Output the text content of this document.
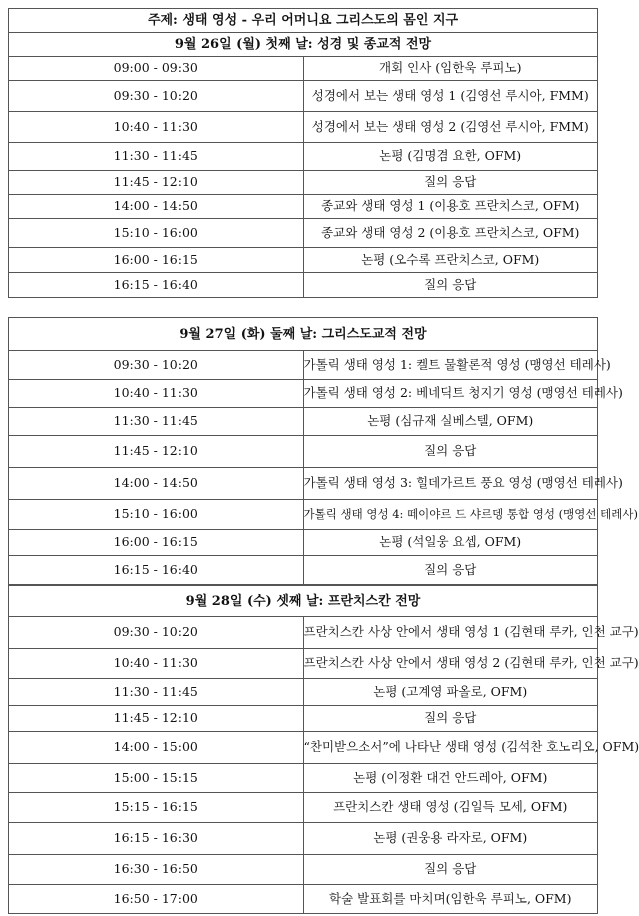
주제: 생태 영성 - 우리 어머니요 그리스도의 몸인 지구	
9월 26일 (월) 첫째 날: 성경 및 종교적 전망	
09:00 - 09:30	개회 인사 (임한욱 루피노)
09:30 - 10:20	성경에서 보는 생태 영성 1 (김영선 루시아, FMM)
10:40 - 11:30	성경에서 보는 생태 영성 2 (김영선 루시아, FMM)
11:30 - 11:45	논평 (김명겸 요한, OFM)
11:45 - 12:10	질의 응답
14:00 - 14:50	종교와 생태 영성 1 (이용호 프란치스코, OFM)
15:10 - 16:00	종교와 생태 영성 2 (이용호 프란치스코, OFM)
16:00 - 16:15	논평 (오수록 프란치스코, OFM)
16:15 - 16:40	질의 응답
9월 27일 (화) 둘째 날: 그리스도교적 전망	
09:30 - 10:20	가톨릭 생태 영성 1: 켈트 물활론적 영성 (맹영선 테레사)
10:40 - 11:30	가톨릭 생태 영성 2: 베네딕트 청지기 영성 (맹영선 테레사)
11:30 - 11:45	논평 (심규재 실베스텔, OFM)
11:45 - 12:10	질의 응답
14:00 - 14:50	가톨릭 생태 영성 3: 힐데가르트 풍요 영성 (맹영선 테레사)
15:10 - 16:00	가톨릭 생태 영성 4: 떼이야르 드 샤르뎅 통합 영성 (맹영선 테레사)
16:00 - 16:15	논평 (석일웅 요셉, OFM)
16:15 - 16:40	질의 응답
9월 28일 (수) 셋째 날: 프란치스칸 전망	
09:30 - 10:20	프란치스칸 사상 안에서 생태 영성 1 (김현태 루카, 인천 교구)
10:40 - 11:30	프란치스칸 사상 안에서 생태 영성 2 (김현태 루카, 인천 교구)
11:30 - 11:45	논평 (고계영 파올로, OFM)
11:45 - 12:10	질의 응답
14:00 - 15:00	“찬미받으소서”에 나타난 생태 영성 (김석찬 호노리오, OFM)
15:00 - 15:15	논평 (이정환 대건 안드레아, OFM)
15:15 - 16:15	프란치스칸 생태 영성 (김일득 모세, OFM)
16:15 - 16:30	논평 (권웅용 라자로, OFM)
16:30 - 16:50	질의 응답
16:50 - 17:00	학술 발표회를 마치며(임한욱 루피노, OFM)
